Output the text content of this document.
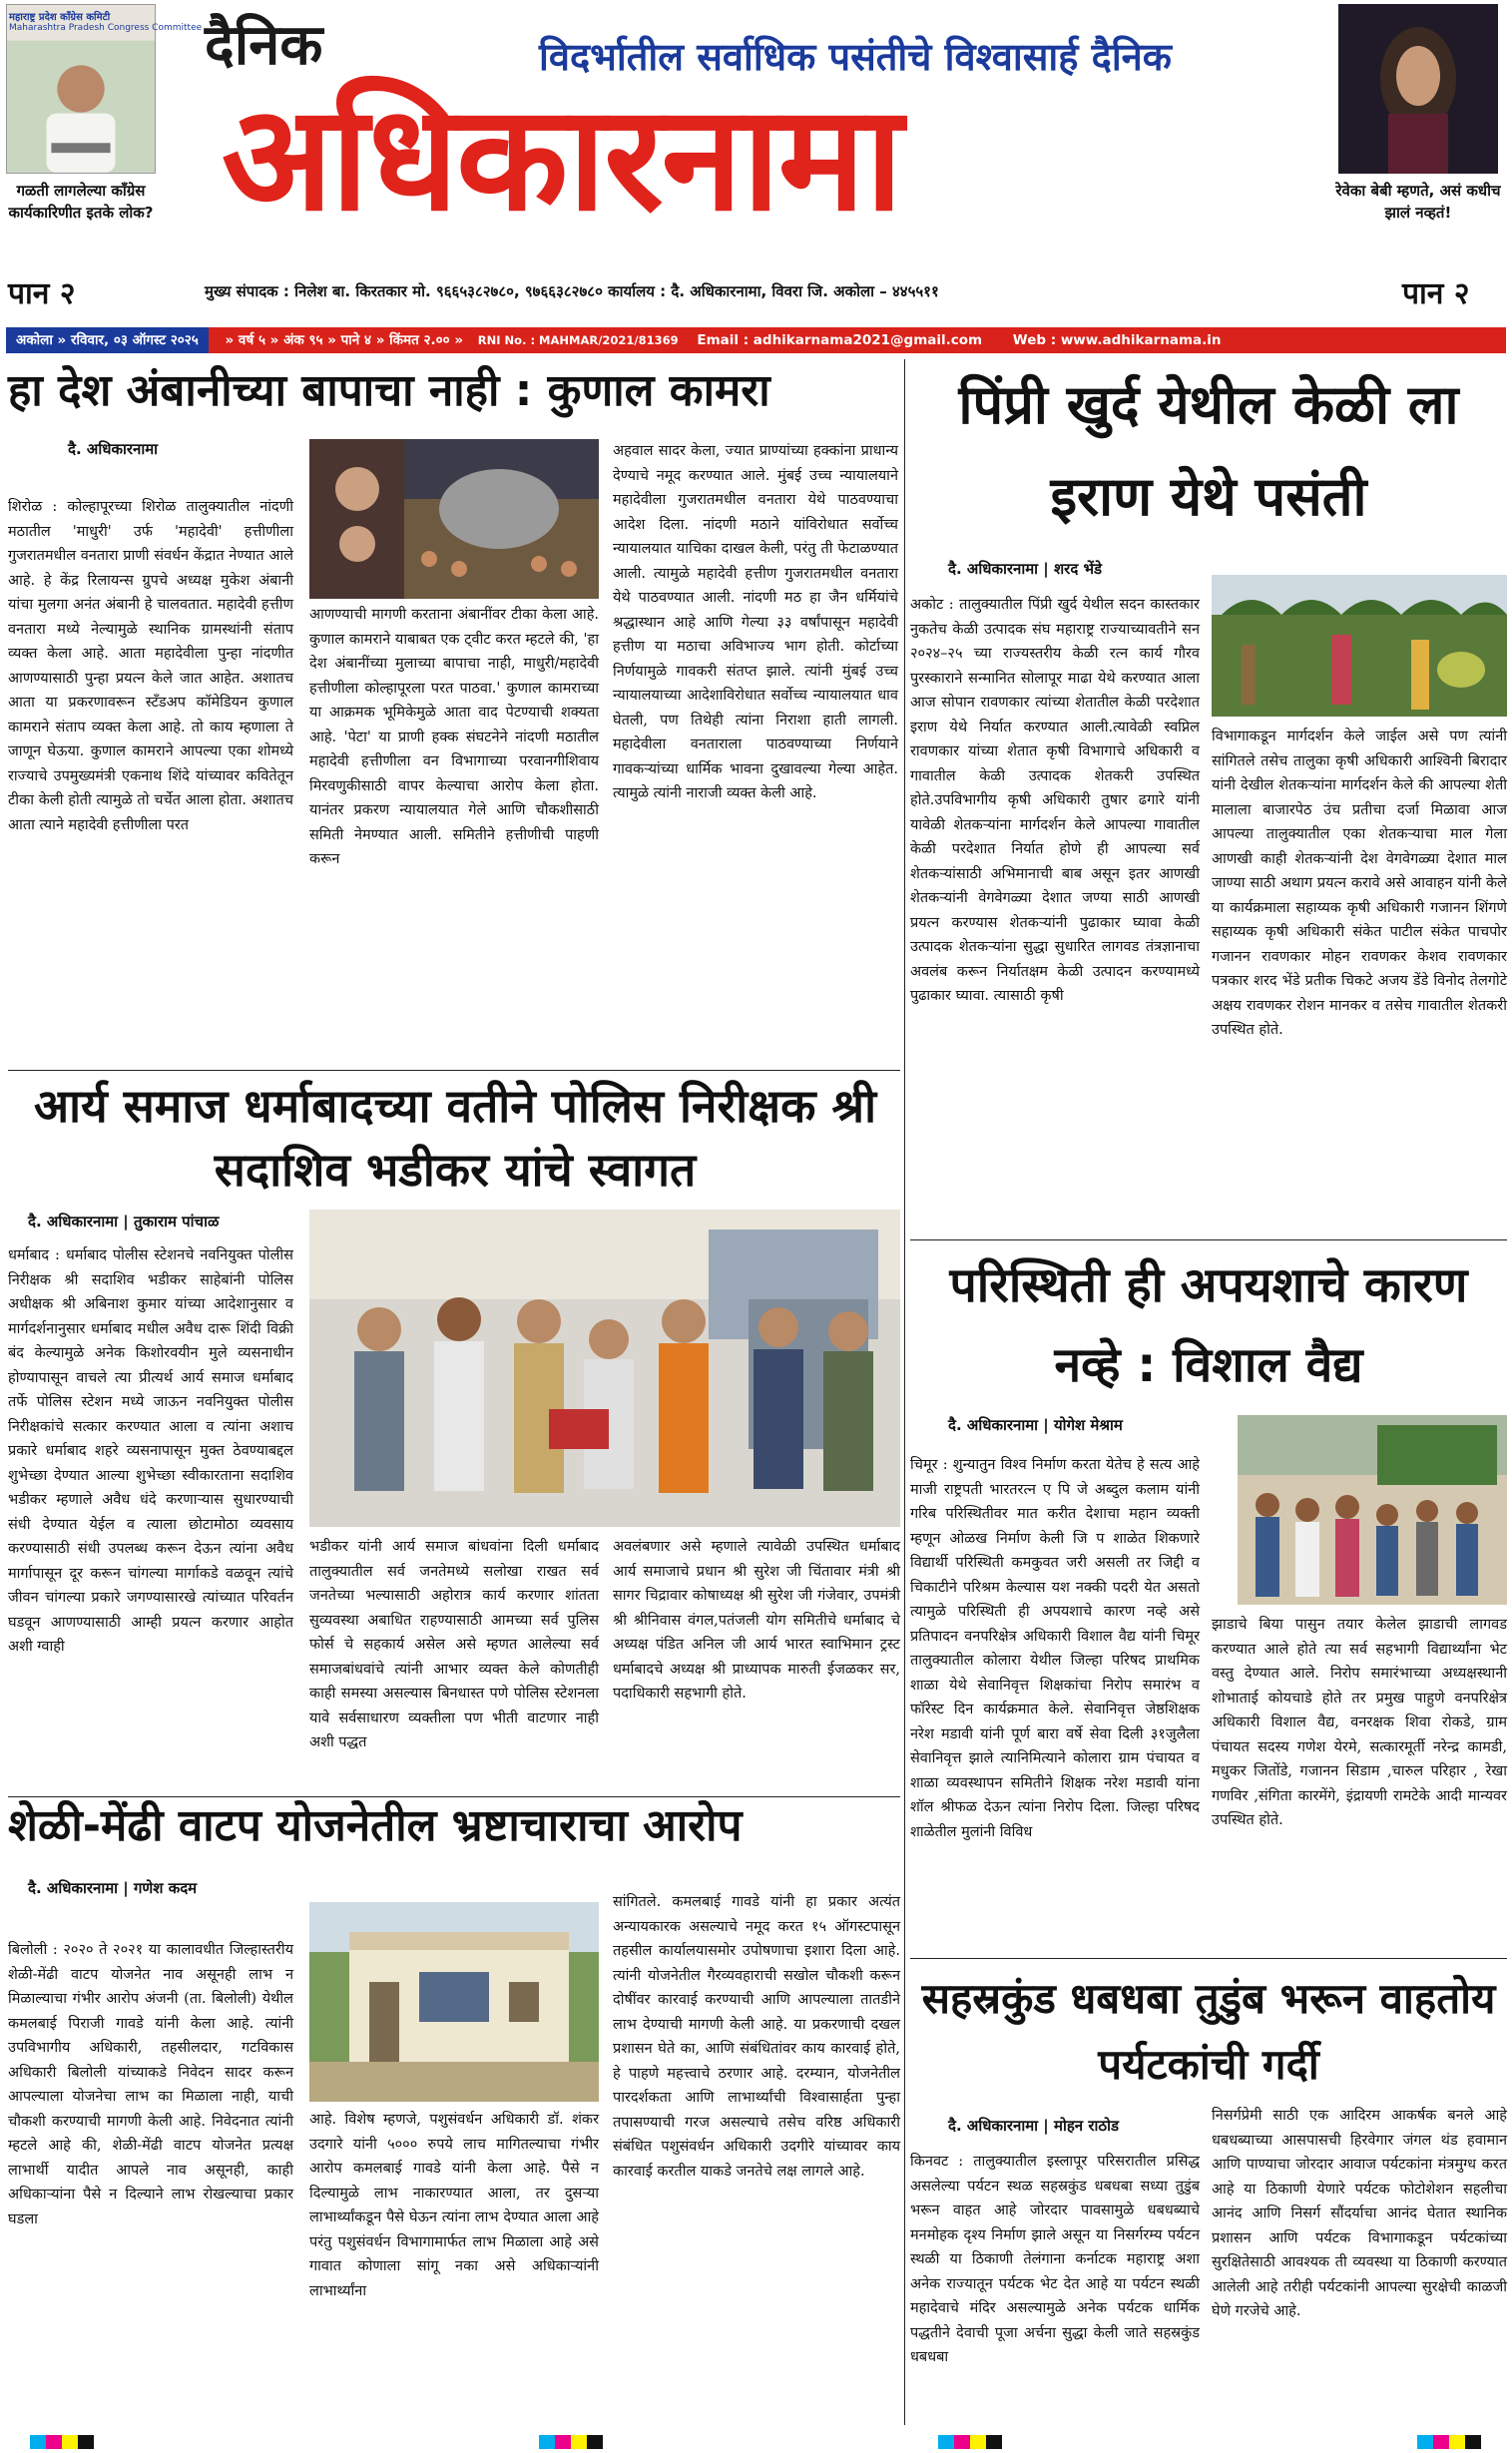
महाराष्ट्र प्रदेश काँग्रेस कमिटी
Maharashtra Pradesh Congress Committee
गळती लागलेल्या काँग्रेस कार्यकारिणीत इतके लोक?
दैनिक	विदर्भातील सर्वाधिक पसंतीचे विश्वासार्ह दैनिक
अधिकारनामा	रेवेका बेबी म्हणते, असं कधीच झालं नव्हतं!
पान २	मुख्य संपादक : निलेश बा. किरतकार मो. ९६६५३८२७८०, ९७६६३८२७८० कार्यालय : दै. अधिकारनामा, विवरा जि. अकोला – ४४५५११	पान २
अकोला » रविवार, ०३ ऑगस्ट २०२५ » वर्ष ५ » अंक ९५ » पाने ४ » किंमत २.०० » RNI No. : MAHMAR/2021/81369 Email : adhikarnama2021@gmail.com Web : www.adhikarnama.in
हा देश अंबानीच्या बापाचा नाही : कुणाल कामरा
दै. अधिकारनामा
शिरोळ : कोल्हापूरच्या शिरोळ तालुक्यातील नांदणी मठातील 'माधुरी' उर्फ 'महादेवी' हत्तीणीला गुजरातमधील वनतारा प्राणी संवर्धन केंद्रात नेण्यात आले आहे. हे केंद्र रिलायन्स ग्रुपचे अध्यक्ष मुकेश अंबानी यांचा मुलगा अनंत अंबानी हे चालवतात. महादेवी हत्तीण वनतारा मध्ये नेल्यामुळे स्थानिक ग्रामस्थांनी संताप व्यक्त केला आहे. आता महादेवीला पुन्हा नांदणीत आणण्यासाठी पुन्हा प्रयत्न केले जात आहेत. अशातच आता या प्रकरणावरून स्टँडअप कॉमेडियन कुणाल कामराने संताप व्यक्त केला आहे. तो काय म्हणाला ते जाणून घेऊया. कुणाल कामराने आपल्या एका शोमध्ये राज्याचे उपमुख्यमंत्री एकनाथ शिंदे यांच्यावर कवितेतून टीका केली होती त्यामुळे तो चर्चेत आला होता. अशातच आता त्याने महादेवी हत्तीणीला परत
आणण्याची मागणी करताना अंबानींवर टीका केला आहे. कुणाल कामराने याबाबत एक ट्वीट करत म्हटले की, 'हा देश अंबानींच्या मुलाच्या बापाचा नाही, माधुरी/महादेवी हत्तीणीला कोल्हापूरला परत पाठवा.' कुणाल कामराच्या या आक्रमक भूमिकेमुळे आता वाद पेटण्याची शक्यता आहे. 'पेटा' या प्राणी हक्क संघटनेने नांदणी मठातील महादेवी हत्तीणीला वन विभागाच्या परवानगीशिवाय मिरवणुकीसाठी वापर केल्याचा आरोप केला होता. यानंतर प्रकरण न्यायालयात गेले आणि चौकशीसाठी समिती नेमण्यात आली. समितीने हत्तीणीची पाहणी करून
अहवाल सादर केला, ज्यात प्राण्यांच्या हक्कांना प्राधान्य देण्याचे नमूद करण्यात आले. मुंबई उच्च न्यायालयाने महादेवीला गुजरातमधील वनतारा येथे पाठवण्याचा आदेश दिला. नांदणी मठाने यांविरोधात सर्वोच्च न्यायालयात याचिका दाखल केली, परंतु ती फेटाळण्यात आली. त्यामुळे महादेवी हत्तीण गुजरातमधील वनतारा येथे पाठवण्यात आली. नांदणी मठ हा जैन धर्मियांचे श्रद्धास्थान आहे आणि गेल्या ३३ वर्षांपासून महादेवी हत्तीण या मठाचा अविभाज्य भाग होती. कोर्टाच्या निर्णयामुळे गावकरी संतप्त झाले. त्यांनी मुंबई उच्च न्यायालयाच्या आदेशाविरोधात सर्वोच्च न्यायालयात धाव घेतली, पण तिथेही त्यांना निराशा हाती लागली. महादेवीला वनताराला पाठवण्याच्या निर्णयाने गावकऱ्यांच्या धार्मिक भावना दुखावल्या गेल्या आहेत. त्यामुळे त्यांनी नाराजी व्यक्त केली आहे.
पिंप्री खुर्द येथील केळी ला इराण येथे पसंती
दै. अधिकारनामा | शरद भेंडे
अकोट : तालुक्यातील पिंप्री खुर्द येथील सदन कास्तकार नुकतेच केळी उत्पादक संघ महाराष्ट्र राज्याच्यावतीने सन २०२४–२५ च्या राज्यस्तरीय केळी रत्न कार्य गौरव पुरस्काराने सन्मानित सोलापूर माढा येथे करण्यात आला आज सोपान रावणकार त्यांच्या शेतातील केळी परदेशात इराण येथे निर्यात करण्यात आली.त्यावेळी स्वप्निल रावणकार यांच्या शेतात कृषी विभागाचे अधिकारी व गावातील केळी उत्पादक शेतकरी उपस्थित होते.उपविभागीय कृषी अधिकारी तुषार ढगारे यांनी यावेळी शेतकऱ्यांना मार्गदर्शन केले आपल्या गावातील केळी परदेशात निर्यात होणे ही आपल्या सर्व शेतकऱ्यांसाठी अभिमानाची बाब असून इतर आणखी शेतकऱ्यांनी वेगवेगळ्या देशात जण्या साठी आणखी प्रयत्न करण्यास शेतकऱ्यांनी पुढाकार घ्यावा केळी उत्पादक शेतकऱ्यांना सुद्धा सुधारित लागवड तंत्रज्ञानाचा अवलंब करून निर्यातक्षम केळी उत्पादन करण्यामध्ये पुढाकार घ्यावा. त्यासाठी कृषी
विभागाकडून मार्गदर्शन केले जाईल असे पण त्यांनी सांगितले तसेच तालुका कृषी अधिकारी आश्विनी बिरादार यांनी देखील शेतकऱ्यांना मार्गदर्शन केले की आपल्या शेती मालाला बाजारपेठ उंच प्रतीचा दर्जा मिळावा आज आपल्या तालुक्यातील एका शेतकऱ्याचा माल गेला आणखी काही शेतकऱ्यांनी देश वेगवेगळ्या देशात माल जाण्या साठी अथाग प्रयत्न करावे असे आवाहन यांनी केले या कार्यक्रमाला सहाय्यक कृषी अधिकारी गजानन शिंगणे सहाय्यक कृषी अधिकारी संकेत पाटील संकेत पाचपोर गजानन रावणकार मोहन रावणकर केशव रावणकार पत्रकार शरद भेंडे प्रतीक चिकटे अजय डेंडे विनोद तेलगोटे अक्षय रावणकर रोशन मानकर व तसेच गावातील शेतकरी उपस्थित होते.
आर्य समाज धर्माबादच्या वतीने पोलिस निरीक्षक श्री सदाशिव भडीकर यांचे स्वागत
दै. अधिकारनामा | तुकाराम पांचाळ
धर्माबाद : धर्माबाद पोलीस स्टेशनचे नवनियुक्त पोलीस निरीक्षक श्री सदाशिव भडीकर साहेबांनी पोलिस अधीक्षक श्री अबिनाश कुमार यांच्या आदेशानुसार व मार्गदर्शनानुसार धर्माबाद मधील अवैध दारू शिंदी विक्री बंद केल्यामुळे अनेक किशोरवयीन मुले व्यसनाधीन होण्यापासून वाचले त्या प्रीत्यर्थ आर्य समाज धर्माबाद तर्फे पोलिस स्टेशन मध्ये जाऊन नवनियुक्त पोलीस निरीक्षकांचे सत्कार करण्यात आला व त्यांना अशाच प्रकारे धर्माबाद शहरे व्यसनापासून मुक्त ठेवण्याबद्दल शुभेच्छा देण्यात आल्या शुभेच्छा स्वीकारताना सदाशिव भडीकर म्हणाले अवैध धंदे करणाऱ्यास सुधारण्याची संधी देण्यात येईल व त्याला छोटामोठा व्यवसाय करण्यासाठी संधी उपलब्ध करून देऊन त्यांना अवैध मार्गापासून दूर करून चांगल्या मार्गाकडे वळवून त्यांचे जीवन चांगल्या प्रकारे जगण्यासारखे त्यांच्यात परिवर्तन घडवून आणण्यासाठी आम्ही प्रयत्न करणार आहोत अशी ग्वाही
भडीकर यांनी आर्य समाज बांधवांना दिली धर्माबाद तालुक्यातील सर्व जनतेमध्ये सलोखा राखत सर्व जनतेच्या भल्यासाठी अहोरात्र कार्य करणार शांतता सुव्यवस्था अबाधित राहण्यासाठी आमच्या सर्व पुलिस फोर्स चे सहकार्य असेल असे म्हणत आलेल्या सर्व समाजबांधवांचे त्यांनी आभार व्यक्त केले कोणतीही काही समस्या असल्यास बिनधास्त पणे पोलिस स्टेशनला यावे सर्वसाधारण व्यक्तीला पण भीती वाटणार नाही अशी पद्धत
अवलंबणार असे म्हणाले त्यावेळी उपस्थित धर्माबाद आर्य समाजाचे प्रधान श्री सुरेश जी चिंतावार मंत्री श्री सागर चिद्रावार कोषाध्यक्ष श्री सुरेश जी गंजेवार, उपमंत्री श्री श्रीनिवास वंगल,पतंजली योग समितीचे धर्माबाद चे अध्यक्ष पंडित अनिल जी आर्य भारत स्वाभिमान ट्रस्ट धर्माबादचे अध्यक्ष श्री प्राध्यापक मारुती ईजळकर सर, पदाधिकारी सहभागी होते.
परिस्थिती ही अपयशाचे कारण नव्हे : विशाल वैद्य
दै. अधिकारनामा | योगेश मेश्राम
चिमूर : शुन्यातुन विश्व निर्माण करता येतेच हे सत्य आहे माजी राष्ट्रपती भारतरत्न ए पि जे अब्दुल कलाम यांनी गरिब परिस्थितीवर मात करीत देशाचा महान व्यक्ती म्हणून ओळख निर्माण केली जि प शाळेत शिकणारे विद्यार्थी परिस्थिती कमकुवत जरी असली तर जिद्दी व चिकाटीने परिश्रम केल्यास यश नक्की पदरी येत असतो त्यामुळे परिस्थिती ही अपयशाचे कारण नव्हे असे प्रतिपादन वनपरिक्षेत्र अधिकारी विशाल वैद्य यांनी चिमूर तालुक्यातील कोलारा येथील जिल्हा परिषद प्राथमिक शाळा येथे सेवानिवृत्त शिक्षकांचा निरोप समारंभ व फॉरेस्ट दिन कार्यक्रमात केले. सेवानिवृत्त जेष्ठशिक्षक नरेश मडावी यांनी पूर्ण बारा वर्षे सेवा दिली ३१जुलैला सेवानिवृत्त झाले त्यानिमित्याने कोलारा ग्राम पंचायत व शाळा व्यवस्थापन समितीने शिक्षक नरेश मडावी यांना शॉल श्रीफळ देऊन त्यांना निरोप दिला. जिल्हा परिषद शाळेतील मुलांनी विविध
झाडाचे बिया पासुन तयार केलेल झाडाची लागवड करण्यात आले होते त्या सर्व सहभागी विद्यार्थ्यांना भेट वस्तु देण्यात आले. निरोप समारंभाच्या अध्यक्षस्थानी शोभाताई कोयचाडे होते तर प्रमुख पाहुणे वनपरिक्षेत्र अधिकारी विशाल वैद्य, वनरक्षक शिवा रोकडे, ग्राम पंचायत सदस्य गणेश येरमे, सत्कारमूर्ती नरेन्द्र कामडी, मधुकर जितोंडे, गजानन सिडाम ,चारुल परिहार , रेखा गणविर ,संगिता कारमेंगे, इंद्रायणी रामटेके आदी मान्यवर उपस्थित होते.
शेळी-मेंढी वाटप योजनेतील भ्रष्टाचाराचा आरोप
दै. अधिकारनामा | गणेश कदम
बिलोली : २०२० ते २०२१ या कालावधीत जिल्हास्तरीय शेळी-मेंढी वाटप योजनेत नाव असूनही लाभ न मिळाल्याचा गंभीर आरोप अंजनी (ता. बिलोली) येथील कमलबाई पिराजी गावडे यांनी केला आहे. त्यांनी उपविभागीय अधिकारी, तहसीलदार, गटविकास अधिकारी बिलोली यांच्याकडे निवेदन सादर करून आपल्याला योजनेचा लाभ का मिळाला नाही, याची चौकशी करण्याची मागणी केली आहे. निवेदनात त्यांनी म्हटले आहे की, शेळी-मेंढी वाटप योजनेत प्रत्यक्ष लाभार्थी यादीत आपले नाव असूनही, काही अधिकाऱ्यांना पैसे न दिल्याने लाभ रोखल्याचा प्रकार घडला
आहे. विशेष म्हणजे, पशुसंवर्धन अधिकारी डॉ. शंकर उदगारे यांनी ५००० रुपये लाच मागितल्याचा गंभीर आरोप कमलबाई गावडे यांनी केला आहे. पैसे न दिल्यामुळे लाभ नाकारण्यात आला, तर दुसऱ्या लाभार्थ्यांकडून पैसे घेऊन त्यांना लाभ देण्यात आला आहे परंतु पशुसंवर्धन विभागामार्फत लाभ मिळाला आहे असे गावात कोणाला सांगू नका असे अधिकाऱ्यांनी लाभार्थ्यांना
सांगितले. कमलबाई गावडे यांनी हा प्रकार अत्यंत अन्यायकारक असल्याचे नमूद करत १५ ऑगस्टपासून तहसील कार्यालयासमोर उपोषणाचा इशारा दिला आहे. त्यांनी योजनेतील गैरव्यवहाराची सखोल चौकशी करून दोषींवर कारवाई करण्याची आणि आपल्याला तातडीने लाभ देण्याची मागणी केली आहे. या प्रकरणाची दखल प्रशासन घेते का, आणि संबंधितांवर काय कारवाई होते, हे पाहणे महत्त्वाचे ठरणार आहे. दरम्यान, योजनेतील पारदर्शकता आणि लाभार्थ्यांची विश्वासार्हता पुन्हा तपासण्याची गरज असल्याचे तसेच वरिष्ठ अधिकारी संबंधित पशुसंवर्धन अधिकारी उदगीरे यांच्यावर काय कारवाई करतील याकडे जनतेचे लक्ष लागले आहे.
सहस्रकुंड धबधबा तुडुंब भरून वाहतोय पर्यटकांची गर्दी
दै. अधिकारनामा | मोहन राठोड
किनवट : तालुक्यातील इस्लापूर परिसरातील प्रसिद्ध असलेल्या पर्यटन स्थळ सहस्रकुंड धबधबा सध्या तुडुंब भरून वाहत आहे जोरदार पावसामुळे धबधब्याचे मनमोहक दृश्य निर्माण झाले असून या निसर्गरम्य पर्यटन स्थळी या ठिकाणी तेलंगाना कर्नाटक महाराष्ट्र अशा अनेक राज्यातून पर्यटक भेट देत आहे या पर्यटन स्थळी महादेवाचे मंदिर असल्यामुळे अनेक पर्यटक धार्मिक पद्धतीने देवाची पूजा अर्चना सुद्धा केली जाते सहस्रकुंड धबधबा
निसर्गप्रेमी साठी एक आदिरम आकर्षक बनले आहे धबधब्याच्या आसपासची हिरवेगार जंगल थंड हवामान आणि पाण्याचा जोरदार आवाज पर्यटकांना मंत्रमुग्ध करत आहे या ठिकाणी येणारे पर्यटक फोटोशेशन सहलीचा आनंद आणि निसर्ग सौंदर्याचा आनंद घेतात स्थानिक प्रशासन आणि पर्यटक विभागाकडून पर्यटकांच्या सुरक्षितेसाठी आवश्यक ती व्यवस्था या ठिकाणी करण्यात आलेली आहे तरीही पर्यटकांनी आपल्या सुरक्षेची काळजी घेणे गरजेचे आहे.
